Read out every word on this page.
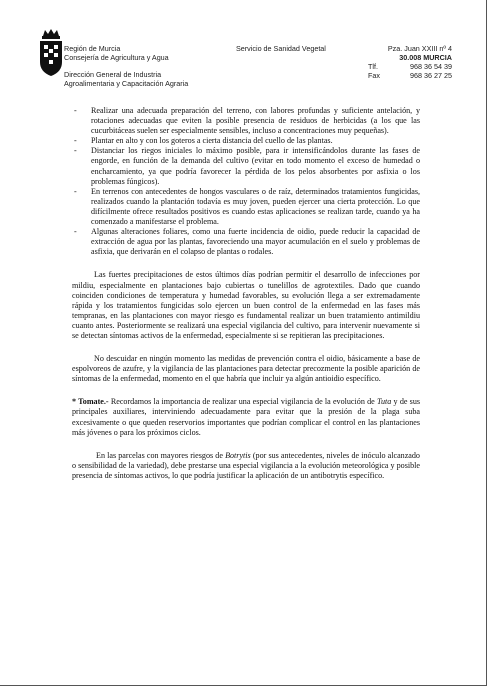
Región de Murcia
Consejería de Agricultura y Agua
Dirección General de Industria
Agroalimentaria y Capacitación Agraria
Servicio de Sanidad Vegetal	Pza. Juan XXIII nº 4
30.008 MURCIA
Tlf.	968 36 54 39
Fax	968 36 27 25
- Realizar una adecuada preparación del terreno, con labores profundas y suficiente antelación, y rotaciones adecuadas que eviten la posible presencia de residuos de herbicidas (a los que las cucurbitáceas suelen ser especialmente sensibles, incluso a concentraciones muy pequeñas).
- Plantar en alto y con los goteros a cierta distancia del cuello de las plantas.
- Distanciar los riegos iniciales lo máximo posible, para ir intensificándolos durante las fases de engorde, en función de la demanda del cultivo (evitar en todo momento el exceso de humedad o encharcamiento, ya que podría favorecer la pérdida de los pelos absorbentes por asfixia o los problemas fúngicos).
- En terrenos con antecedentes de hongos vasculares o de raíz, determinados tratamientos fungicidas, realizados cuando la plantación todavía es muy joven, pueden ejercer una cierta protección. Lo que difícilmente ofrece resultados positivos es cuando estas aplicaciones se realizan tarde, cuando ya ha comenzado a manifestarse el problema.
- Algunas alteraciones foliares, como una fuerte incidencia de oidio, puede reducir la capacidad de extracción de agua por las plantas, favoreciendo una mayor acumulación en el suelo y problemas de asfixia, que derivarán en el colapso de plantas o rodales.

Las fuertes precipitaciones de estos últimos días podrían permitir el desarrollo de infecciones por mildiu, especialmente en plantaciones bajo cubiertas o tunelillos de agrotextiles. Dado que cuando coinciden condiciones de temperatura y humedad favorables, su evolución llega a ser extremadamente rápida y los tratamientos fungicidas solo ejercen un buen control de la enfermedad en las fases más tempranas, en las plantaciones con mayor riesgo es fundamental realizar un buen tratamiento antimildiu cuanto antes. Posteriormente se realizará una especial vigilancia del cultivo, para intervenir nuevamente si se detectan síntomas activos de la enfermedad, especialmente si se repitieran las precipitaciones.

No descuidar en ningún momento las medidas de prevención contra el oidio, básicamente a base de espolvoreos de azufre, y la vigilancia de las plantaciones para detectar precozmente la posible aparición de síntomas de la enfermedad, momento en el que habría que incluir ya algún antioidio específico.

* Tomate.- Recordamos la importancia de realizar una especial vigilancia de la evolución de Tuta y de sus principales auxiliares, interviniendo adecuadamente para evitar que la presión de la plaga suba excesivamente o que queden reservorios importantes que podrían complicar el control en las plantaciones más jóvenes o para los próximos ciclos.

En las parcelas con mayores riesgos de Botrytis (por sus antecedentes, niveles de inóculo alcanzado o sensibilidad de la variedad), debe prestarse una especial vigilancia a la evolución meteorológica y posible presencia de síntomas activos, lo que podría justificar la aplicación de un antibotrytis específico.
